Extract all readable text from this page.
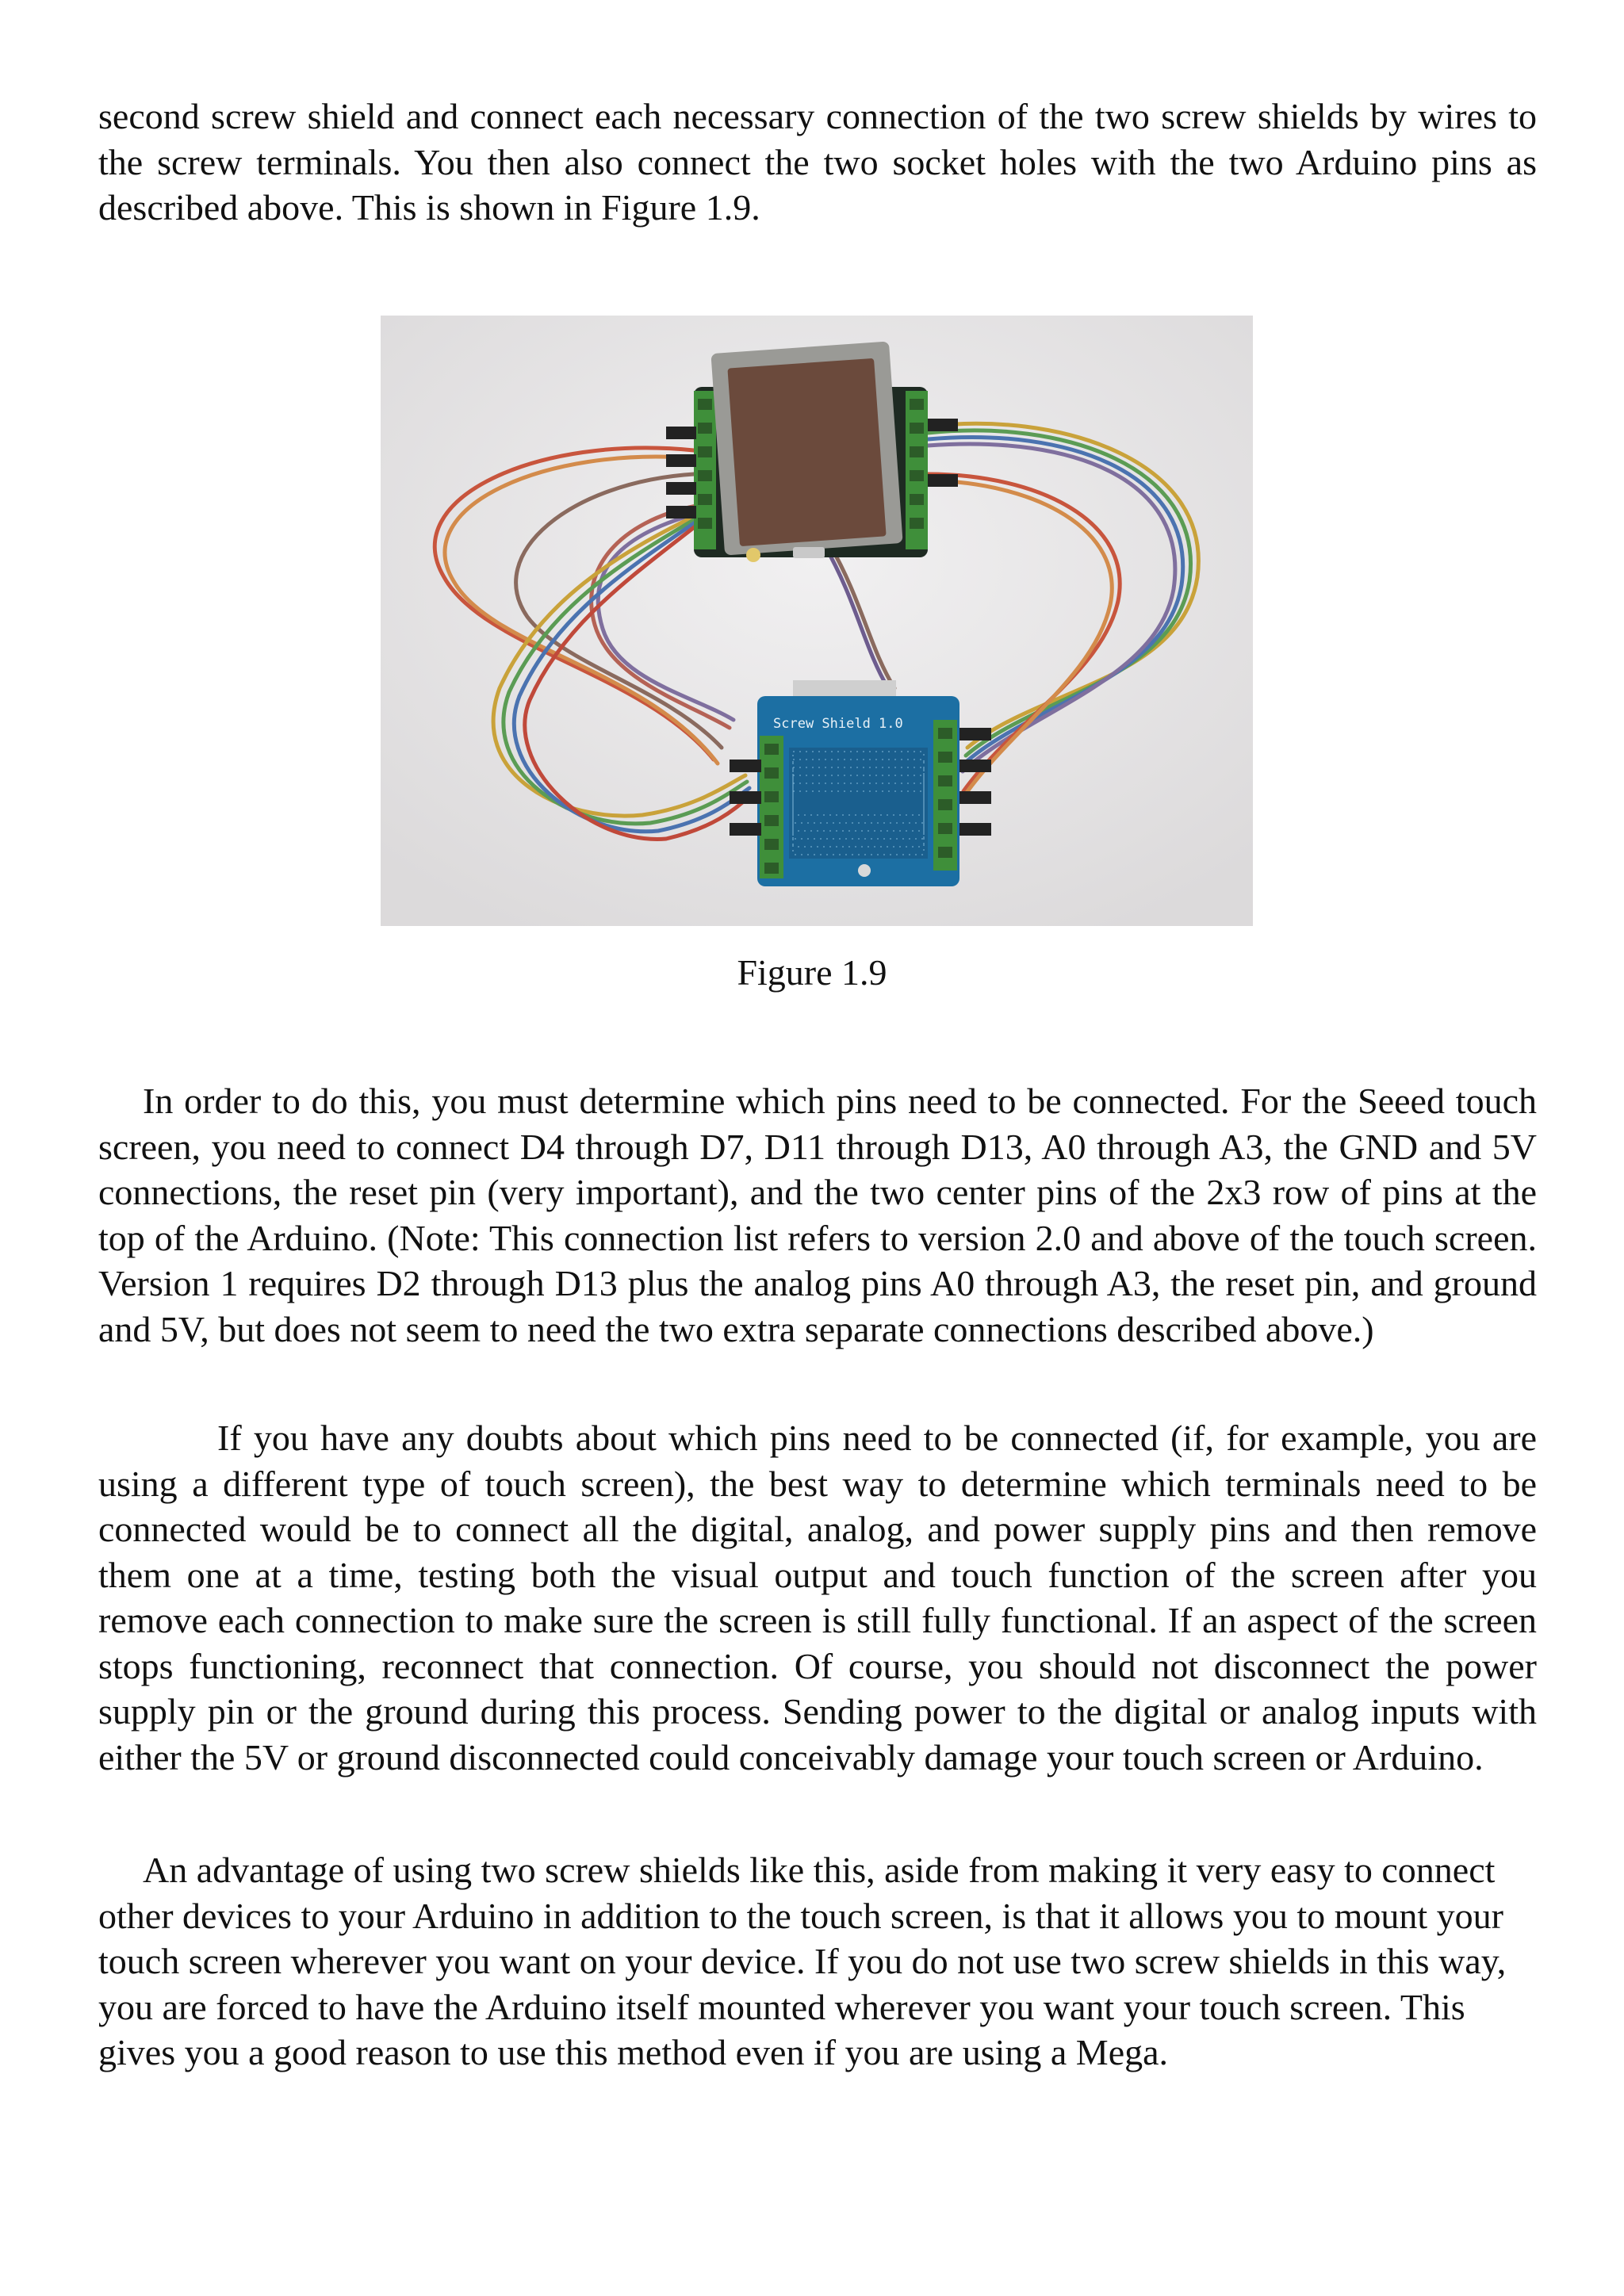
second screw shield and connect each necessary connection of the two screw shields by wires to the screw terminals. You then also connect the two socket holes with the two Arduino pins as described above. This is shown in Figure 1.9.

Screw Shield 1.0
Figure 1.9

In order to do this, you must determine which pins need to be connected. For the Seeed touch screen, you need to connect D4 through D7, D11 through D13, A0 through A3, the GND and 5V connections, the reset pin (very important), and the two center pins of the 2x3 row of pins at the top of the Arduino. (Note: This connection list refers to version 2.0 and above of the touch screen. Version 1 requires D2 through D13 plus the analog pins A0 through A3, the reset pin, and ground and 5V, but does not seem to need the two extra separate connections described above.)

If you have any doubts about which pins need to be connected (if, for example, you are using a different type of touch screen), the best way to determine which terminals need to be connected would be to connect all the digital, analog, and power supply pins and then remove them one at a time, testing both the visual output and touch function of the screen after you remove each connection to make sure the screen is still fully functional. If an aspect of the screen stops functioning, reconnect that connection. Of course, you should not disconnect the power supply pin or the ground during this process. Sending power to the digital or analog inputs with either the 5V or ground disconnected could conceivably damage your touch screen or Arduino.

An advantage of using two screw shields like this, aside from making it very easy to connect other devices to your Arduino in addition to the touch screen, is that it allows you to mount your touch screen wherever you want on your device. If you do not use two screw shields in this way, you are forced to have the Arduino itself mounted wherever you want your touch screen. This gives you a good reason to use this method even if you are using a Mega.
